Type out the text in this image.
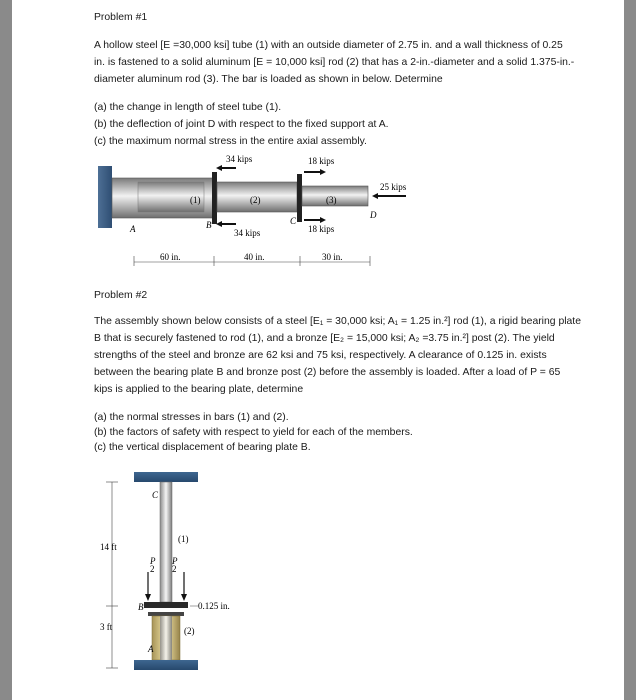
Problem #1
A hollow steel [E =30,000 ksi] tube (1) with an outside diameter of 2.75 in. and a wall thickness of 0.25
in. is fastened to a solid aluminum [E = 10,000 ksi] rod (2) that has a 2-in.-diameter and a solid 1.375-in.-
diameter aluminum rod (3). The bar is loaded as shown in below. Determine
(a) the change in length of steel tube (1).
(b) the deflection of joint D with respect to the fixed support at A.
(c) the maximum normal stress in the entire axial assembly.
34 kips	18 kips
25 kips
34 kips	18 kips
(1)	(2)	(3)
A	B	C
D
60 in.	40 in.	30 in.
Problem #2
The assembly shown below consists of a steel [E₁ = 30,000 ksi; A₁ = 1.25 in.²] rod (1), a rigid bearing plate
B that is securely fastened to rod (1), and a bronze [E₂ = 15,000 ksi; A₂ =3.75 in.²] post (2). The yield
strengths of the steel and bronze are 62 ksi and 75 ksi, respectively. A clearance of 0.125 in. exists
between the bearing plate B and bronze post (2) before the assembly is loaded. After a load of P = 65
kips is applied to the bearing plate, determine
(a) the normal stresses in bars (1) and (2).
(b) the factors of safety with respect to yield for each of the members.
(c) the vertical displacement of bearing plate B.
C
(1)
B
A
(2)
P
2
P
2
14 ft
3 ft
0.125 in.
